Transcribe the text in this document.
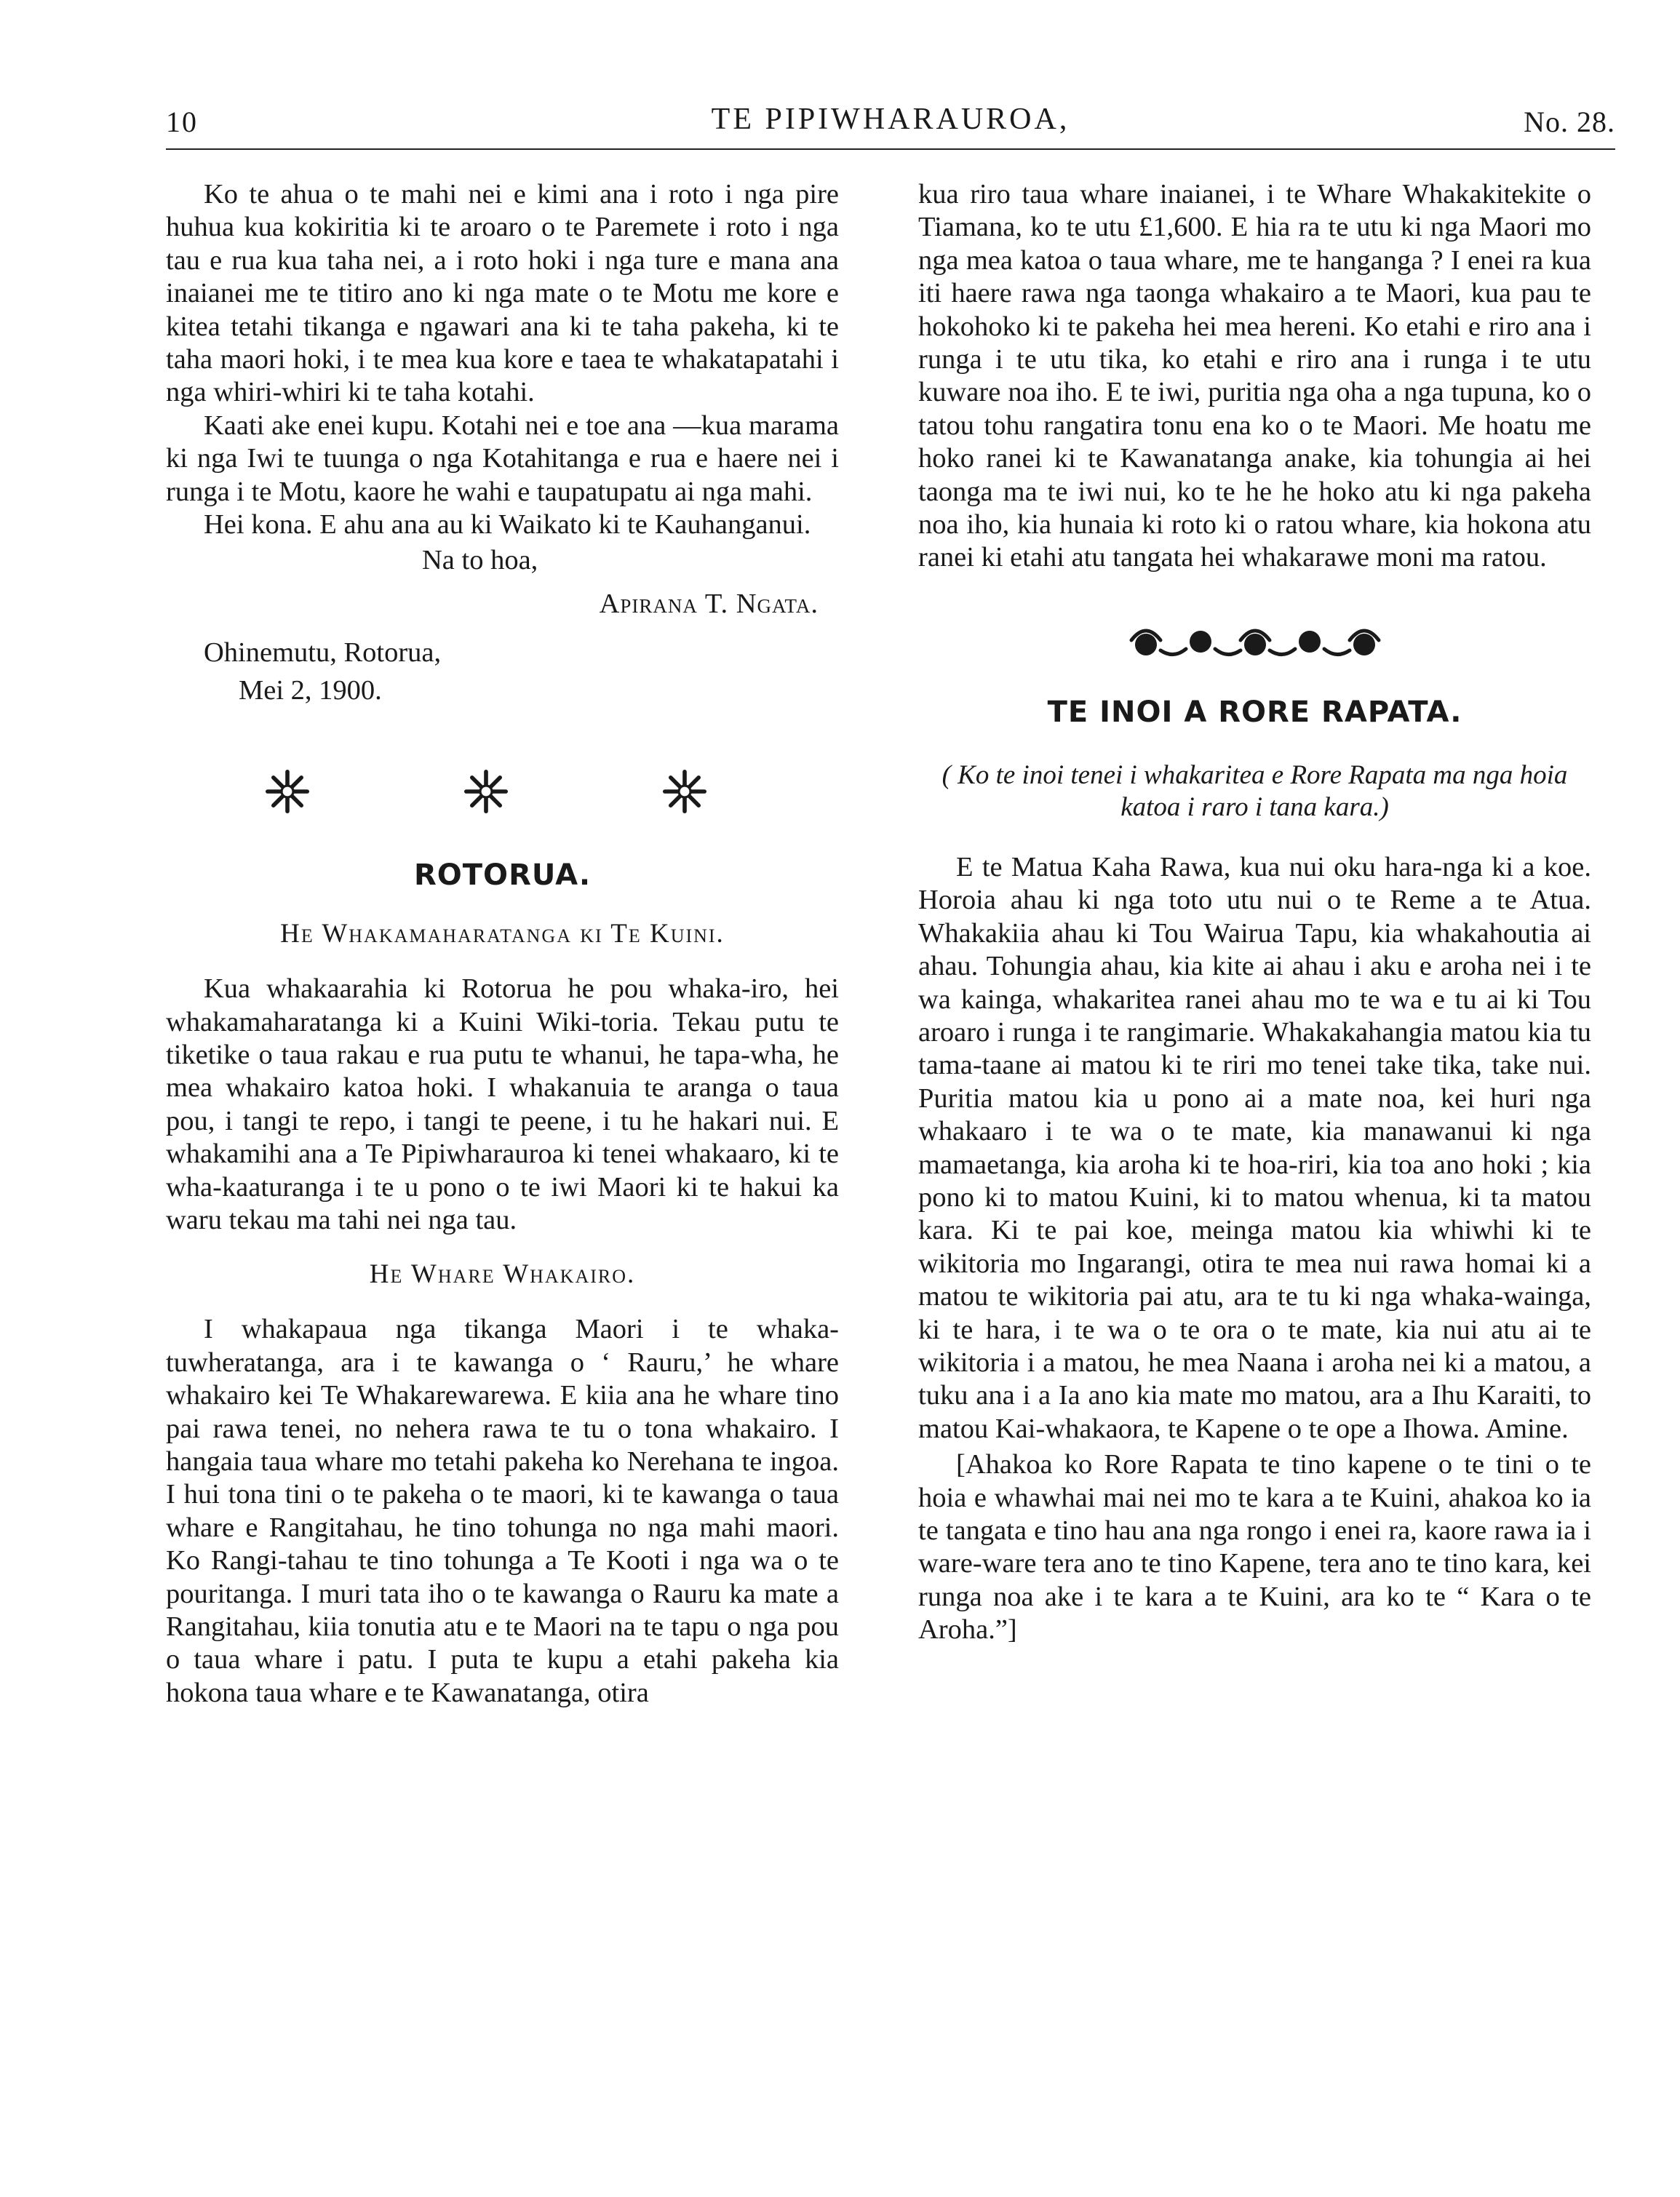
10	TE PIPIWHARAUROA,	No. 28.

Ko te ahua o te mahi nei e kimi ana i roto i nga pire huhua kua kokiritia ki te aroaro o te Paremete i roto i nga tau e rua kua taha nei, a i roto hoki i nga ture e mana ana inaianei me te titiro ano ki nga mate o te Motu me kore e kitea tetahi tikanga e ngawari ana ki te taha pakeha, ki te taha maori hoki, i te mea kua kore e taea te whakatapatahi i nga whiri-whiri ki te taha kotahi.

Kaati ake enei kupu. Kotahi nei e toe ana —kua marama ki nga Iwi te tuunga o nga Kotahitanga e rua e haere nei i runga i te Motu, kaore he wahi e taupatupatu ai nga mahi.

Hei kona. E ahu ana au ki Waikato ki te Kauhanganui.

Na to hoa,
Apirana T. Ngata.
Ohinemutu, Rotorua,
Mei 2, 1900.
ROTORUA.

He Whakamaharatanga ki Te Kuini.

Kua whakaarahia ki Rotorua he pou whaka-iro, hei whakamaharatanga ki a Kuini Wiki-toria. Tekau putu te tiketike o taua rakau e rua putu te whanui, he tapa-wha, he mea whakairo katoa hoki. I whakanuia te aranga o taua pou, i tangi te repo, i tangi te peene, i tu he hakari nui. E whakamihi ana a Te Pipiwharauroa ki tenei whakaaro, ki te wha-kaaturanga i te u pono o te iwi Maori ki te hakui ka waru tekau ma tahi nei nga tau.

He Whare Whakairo.

I whakapaua nga tikanga Maori i te whaka-tuwheratanga, ara i te kawanga o ‘ Rauru,’ he whare whakairo kei Te Whakarewarewa. E kiia ana he whare tino pai rawa tenei, no nehera rawa te tu o tona whakairo. I hangaia taua whare mo tetahi pakeha ko Nerehana te ingoa. I hui tona tini o te pakeha o te maori, ki te kawanga o taua whare e Rangitahau, he tino tohunga no nga mahi maori. Ko Rangi-tahau te tino tohunga a Te Kooti i nga wa o te pouritanga. I muri tata iho o te kawanga o Rauru ka mate a Rangitahau, kiia tonutia atu e te Maori na te tapu o nga pou o taua whare i patu. I puta te kupu a etahi pakeha kia hokona taua whare e te Kawanatanga, otira

kua riro taua whare inaianei, i te Whare Whakakitekite o Tiamana, ko te utu £1,600. E hia ra te utu ki nga Maori mo nga mea katoa o taua whare, me te hanganga ? I enei ra kua iti haere rawa nga taonga whakairo a te Maori, kua pau te hokohoko ki te pakeha hei mea hereni. Ko etahi e riro ana i runga i te utu tika, ko etahi e riro ana i runga i te utu kuware noa iho. E te iwi, puritia nga oha a nga tupuna, ko o tatou tohu rangatira tonu ena ko o te Maori. Me hoatu me hoko ranei ki te Kawanatanga anake, kia tohungia ai hei taonga ma te iwi nui, ko te he he hoko atu ki nga pakeha noa iho, kia hunaia ki roto ki o ratou whare, kia hokona atu ranei ki etahi atu tangata hei whakarawe moni ma ratou.

TE INOI A RORE RAPATA.

( Ko te inoi tenei i whakaritea e Rore Rapata ma nga hoia katoa i raro i tana kara.)

E te Matua Kaha Rawa, kua nui oku hara-nga ki a koe. Horoia ahau ki nga toto utu nui o te Reme a te Atua. Whakakiia ahau ki Tou Wairua Tapu, kia whakahoutia ai ahau. Tohungia ahau, kia kite ai ahau i aku e aroha nei i te wa kainga, whakaritea ranei ahau mo te wa e tu ai ki Tou aroaro i runga i te rangimarie. Whakakahangia matou kia tu tama-taane ai matou ki te riri mo tenei take tika, take nui. Puritia matou kia u pono ai a mate noa, kei huri nga whakaaro i te wa o te mate, kia manawanui ki nga mamaetanga, kia aroha ki te hoa-riri, kia toa ano hoki ; kia pono ki to matou Kuini, ki to matou whenua, ki ta matou kara. Ki te pai koe, meinga matou kia whiwhi ki te wikitoria mo Ingarangi, otira te mea nui rawa homai ki a matou te wikitoria pai atu, ara te tu ki nga whaka-wainga, ki te hara, i te wa o te ora o te mate, kia nui atu ai te wikitoria i a matou, he mea Naana i aroha nei ki a matou, a tuku ana i a Ia ano kia mate mo matou, ara a Ihu Karaiti, to matou Kai-whakaora, te Kapene o te ope a Ihowa. Amine.

[Ahakoa ko Rore Rapata te tino kapene o te tini o te hoia e whawhai mai nei mo te kara a te Kuini, ahakoa ko ia te tangata e tino hau ana nga rongo i enei ra, kaore rawa ia i ware-ware tera ano te tino Kapene, tera ano te tino kara, kei runga noa ake i te kara a te Kuini, ara ko te “ Kara o te Aroha.”]
